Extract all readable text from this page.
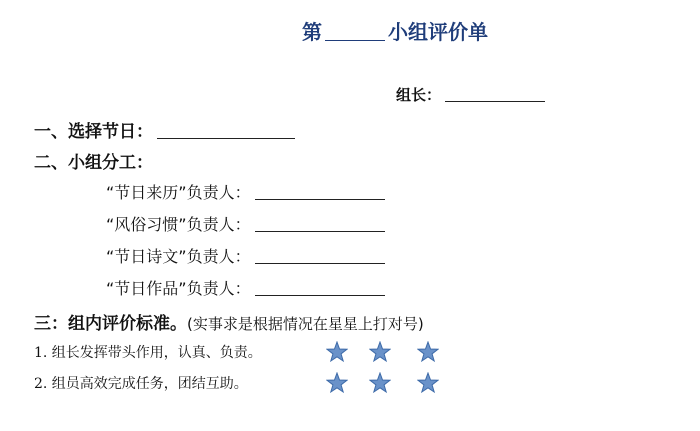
第	小组评价单
组长：
一、选择节日：
二、小组分工：
“节日来历”负责人：
“风俗习惯”负责人：
“节日诗文”负责人：
“节日作品”负责人：
三：组内评价标准。(实事求是根据情况在星星上打对号)
1. 组长发挥带头作用，认真、负责。
2. 组员高效完成任务，团结互助。
